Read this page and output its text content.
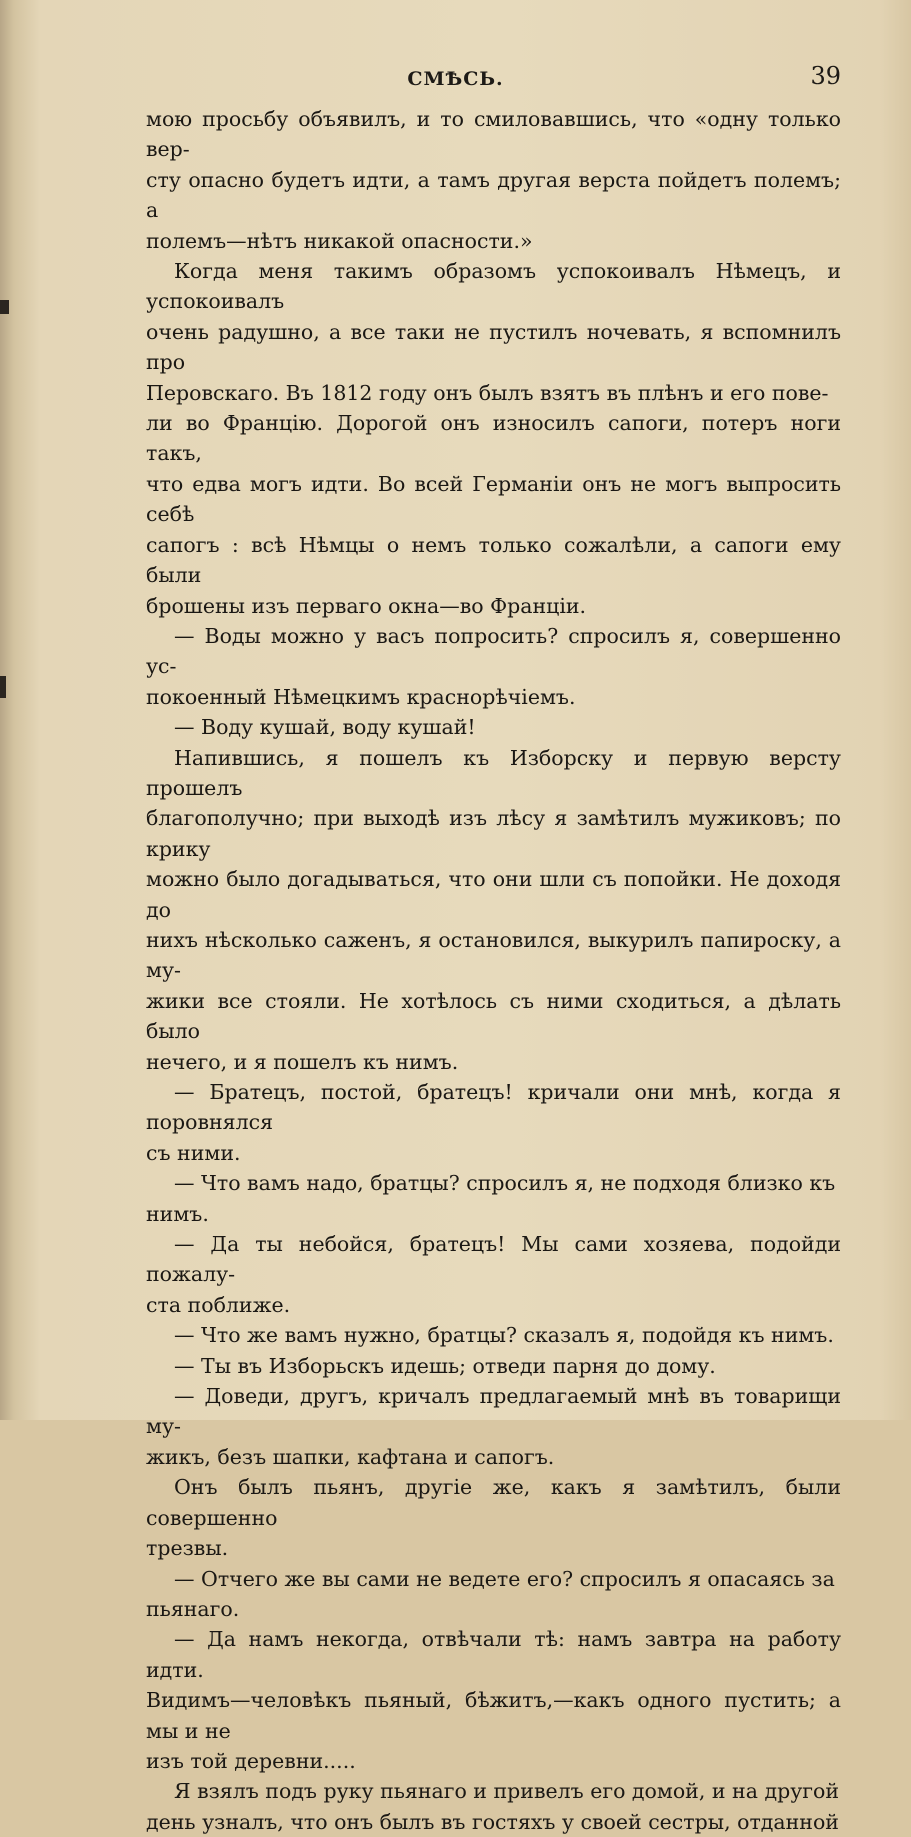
СМѢСЬ.	39

мою просьбу объявилъ, и то смиловавшись, что «одну только вер-

сту опасно будетъ идти, а тамъ другая верста пойдетъ полемъ; а

полемъ—нѣтъ никакой опасности.»

Когда меня такимъ образомъ успокоивалъ Нѣмецъ, и успокоивалъ

очень радушно, а все таки не пустилъ ночевать, я вспомнилъ про

Перовскаго. Въ 1812 году онъ былъ взятъ въ плѣнъ и его пове-

ли во Францію. Дорогой онъ износилъ сапоги, потеръ ноги такъ,

что едва могъ идти. Во всей Германіи онъ не могъ выпросить себѣ

сапогъ : всѣ Нѣмцы о немъ только сожалѣли, а сапоги ему были

брошены изъ перваго окна—во Франціи.

— Воды можно у васъ попросить? спросилъ я, совершенно ус-

покоенный Нѣмецкимъ краснорѣчіемъ.

— Воду кушай, воду кушай!

Напившись, я пошелъ къ Изборску и первую версту прошелъ

благополучно; при выходѣ изъ лѣсу я замѣтилъ мужиковъ; по крику

можно было догадываться, что они шли съ попойки. Не доходя до

нихъ нѣсколько саженъ, я остановился, выкурилъ папироску, а му-

жики все стояли. Не хотѣлось съ ними сходиться, а дѣлать было

нечего, и я пошелъ къ нимъ.

— Братецъ, постой, братецъ! кричали они мнѣ, когда я поровнялся

съ ними.

— Что вамъ надо, братцы? спросилъ я, не подходя близко къ

нимъ.

— Да ты небойся, братецъ! Мы сами хозяева, подойди пожалу-

ста поближе.

— Что же вамъ нужно, братцы? сказалъ я, подойдя къ нимъ.

— Ты въ Изборьскъ идешь; отведи парня до дому.

— Доведи, другъ, кричалъ предлагаемый мнѣ въ товарищи му-

жикъ, безъ шапки, кафтана и сапогъ.

Онъ былъ пьянъ, другіе же, какъ я замѣтилъ, были совершенно

трезвы.

— Отчего же вы сами не ведете его? спросилъ я опасаясь за

пьянаго.

— Да намъ некогда, отвѣчали тѣ: намъ завтра на работу идти.

Видимъ—человѣкъ пьяный, бѣжитъ,—какъ одного пустить; а мы и не

изъ той деревни.....

Я взялъ подъ руку пьянаго и привелъ его домой, и на другой

день узналъ, что онъ былъ въ гостяхъ у своей сестры, отданной
